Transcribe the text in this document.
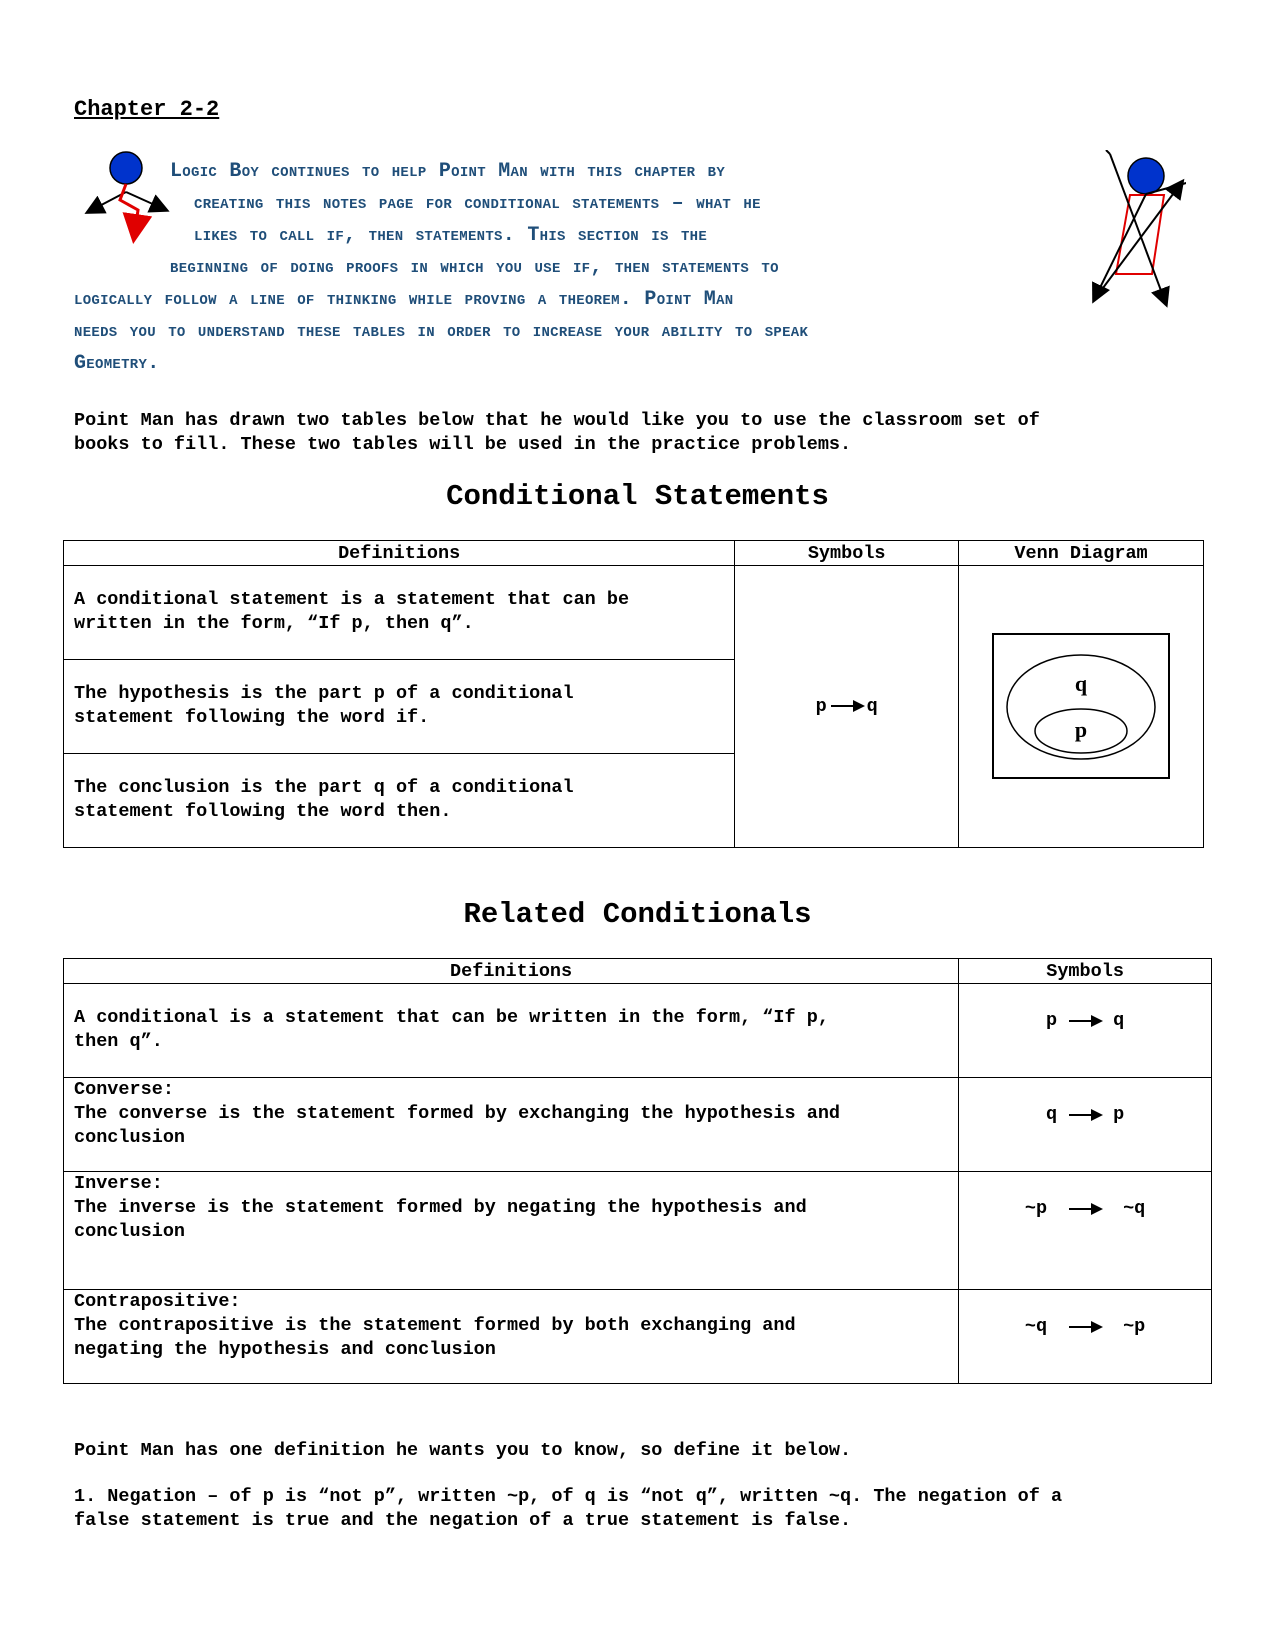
Chapter 2-2
Logic Boy continues to help Point Man with this chapter by
creating this notes page for conditional statements – what he
likes to call if, then statements. This section is the
beginning of doing proofs in which you use if, then statements to
logically follow a line of thinking while proving a theorem. Point Man
needs you to understand these tables in order to increase your ability to speak
Geometry.
Point Man has drawn two tables below that he would like you to use the classroom set of
books to fill. These two tables will be used in the practice problems.
Conditional Statements
Definitions	Symbols	Venn Diagram

A conditional statement is a statement that can be
written in the form, “If p, then q”.	p q	q
p

The hypothesis is the part p of a conditional
statement following the word if.		

The conclusion is the part q of a conditional
statement following the word then.		
Related Conditionals
Definitions	Symbols

A conditional is a statement that can be written in the form, “If p,
then q”.	p q

Converse:
The converse is the statement formed by exchanging the hypothesis and
conclusion	q p

Inverse:
The inverse is the statement formed by negating the hypothesis and
conclusion	~p ~q

Contrapositive:
The contrapositive is the statement formed by both exchanging and
negating the hypothesis and conclusion	~q ~p
Point Man has one definition he wants you to know, so define it below.
1. Negation – of p is “not p”, written ~p, of q is “not q”, written ~q. The negation of a
false statement is true and the negation of a true statement is false.
